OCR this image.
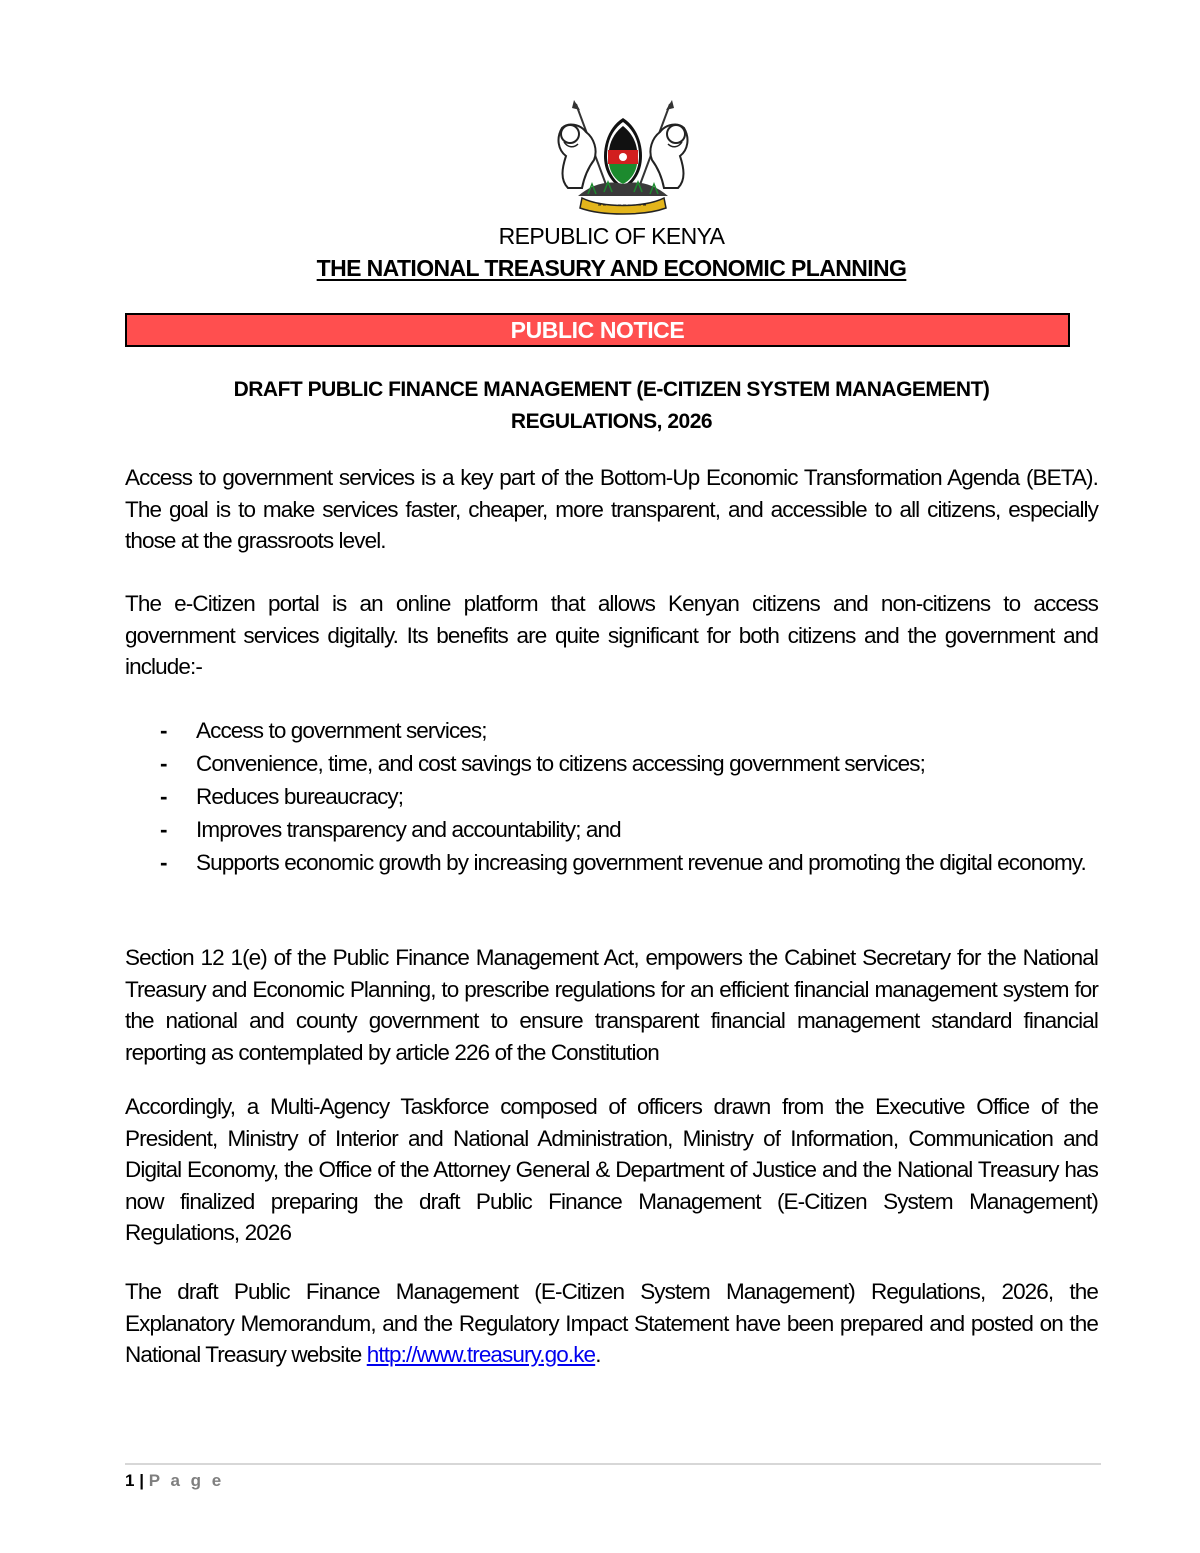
REPUBLIC OF KENYA
THE NATIONAL TREASURY AND ECONOMIC PLANNING
PUBLIC NOTICE
DRAFT PUBLIC FINANCE MANAGEMENT (E-CITIZEN SYSTEM MANAGEMENT)
REGULATIONS, 2026
Access to government services is a key part of the Bottom-Up Economic Transformation Agenda (BETA). The goal is to make services faster, cheaper, more transparent, and accessible to all citizens, especially those at the grassroots level.
The e-Citizen portal is an online platform that allows Kenyan citizens and non-citizens to access government services digitally. Its benefits are quite significant for both citizens and the government and include:-
- Access to government services;
- Convenience, time, and cost savings to citizens accessing government services;
- Reduces bureaucracy;
- Improves transparency and accountability; and
- Supports economic growth by increasing government revenue and promoting the digital economy.
Section 12 1(e) of the Public Finance Management Act, empowers the Cabinet Secretary for the National Treasury and Economic Planning, to prescribe regulations for an efficient financial management system for the national and county government to ensure transparent financial management standard financial reporting as contemplated by article 226 of the Constitution
Accordingly, a Multi-Agency Taskforce composed of officers drawn from the Executive Office of the President, Ministry of Interior and National Administration, Ministry of Information, Communication and Digital Economy, the Office of the Attorney General & Department of Justice and the National Treasury has now finalized preparing the draft Public Finance Management (E-Citizen System Management) Regulations, 2026
The draft Public Finance Management (E-Citizen System Management) Regulations, 2026, the Explanatory Memorandum, and the Regulatory Impact Statement have been prepared and posted on the National Treasury website http://www.treasury.go.ke.
1 | P a g e
